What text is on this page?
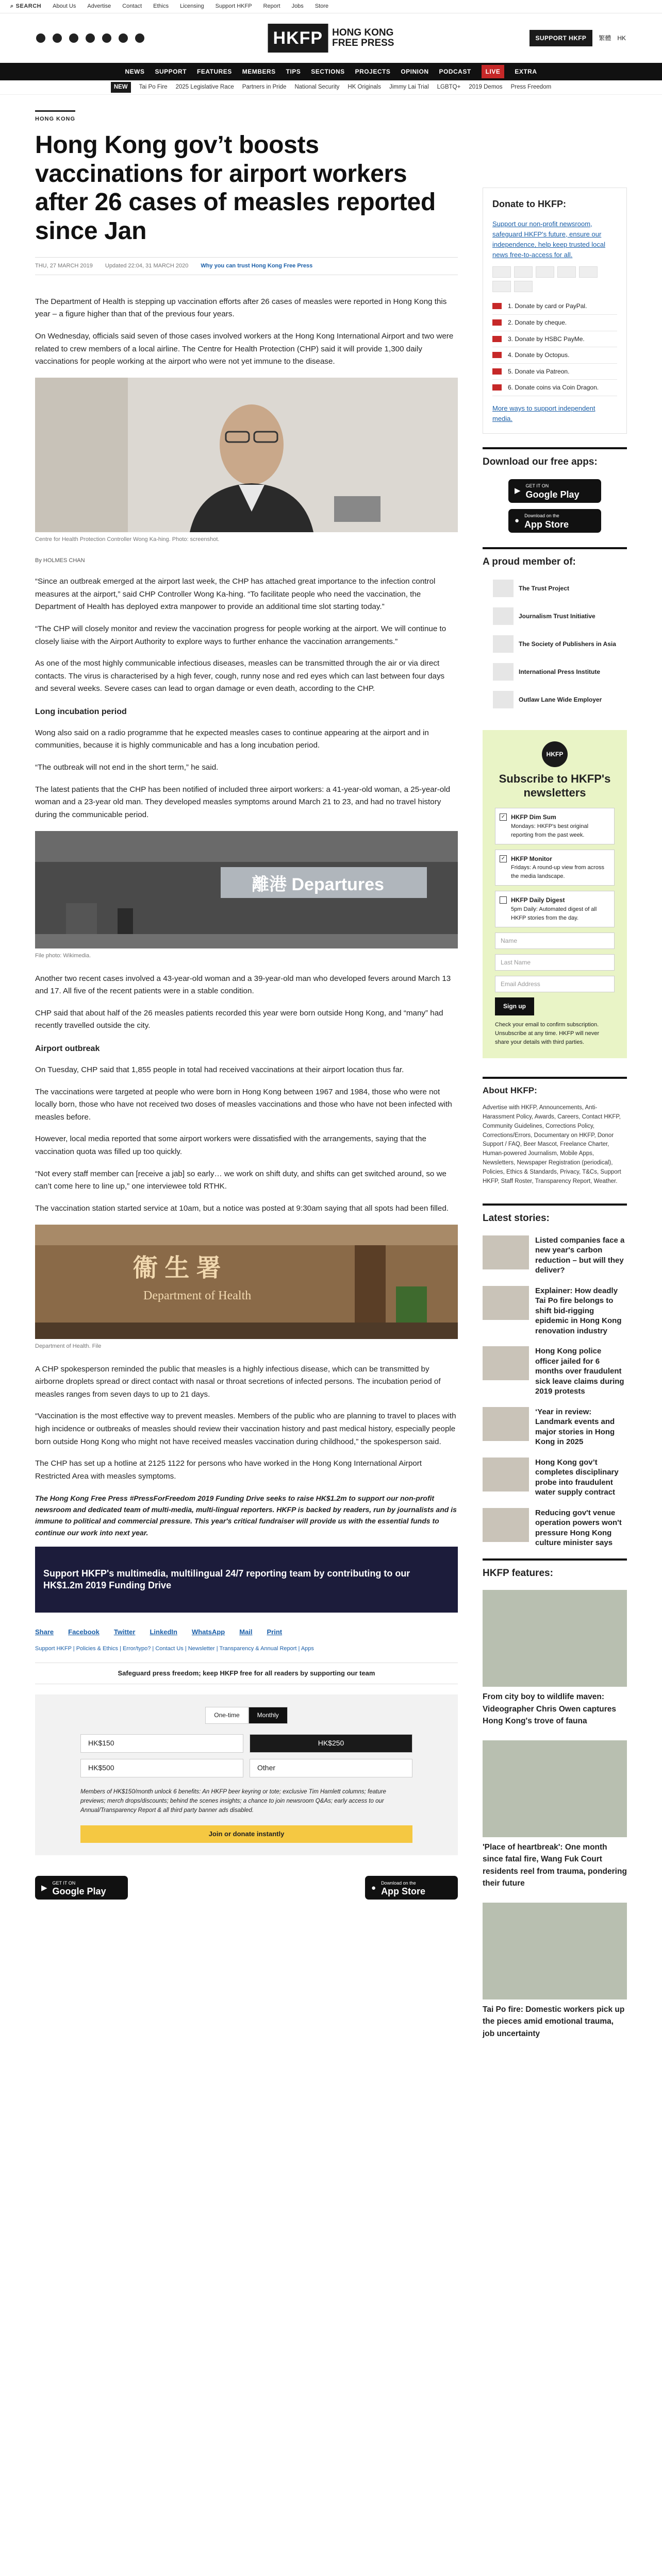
⌕ SEARCH About Us Advertise Contact Ethics Licensing Support HKFP Report Jobs Store
HKFP HONG KONG
FREE PRESS	SUPPORT HKFP	繁體 HK
NEWS SUPPORT FEATURES MEMBERS TIPS SECTIONS PROJECTS OPINION PODCAST	LIVE	EXTRA
NEW	Tai Po Fire 2025 Legislative Race Partners in Pride National Security HK Originals Jimmy Lai Trial LGBTQ+ 2019 Demos Press Freedom
HONG KONG
Hong Kong gov’t boosts vaccinations for airport workers after 26 cases of measles reported since Jan
THU, 27 MARCH 2019 Updated 22:04, 31 MARCH 2020 Why you can trust Hong Kong Free Press

The Department of Health is stepping up vaccination efforts after 26 cases of measles were reported in Hong Kong this year – a figure higher than that of the previous four years.

On Wednesday, officials said seven of those cases involved workers at the Hong Kong International Airport and two were related to crew members of a local airline. The Centre for Health Protection (CHP) said it will provide 1,300 daily vaccinations for people working at the airport who were not yet immune to the disease.

Centre for Health Protection Controller Wong Ka-hing. Photo: screenshot.
By HOLMES CHAN

“Since an outbreak emerged at the airport last week, the CHP has attached great importance to the infection control measures at the airport,” said CHP Controller Wong Ka-hing. “To facilitate people who need the vaccination, the Department of Health has deployed extra manpower to provide an additional time slot starting today.”

“The CHP will closely monitor and review the vaccination progress for people working at the airport. We will continue to closely liaise with the Airport Authority to explore ways to further enhance the vaccination arrangements.”

As one of the most highly communicable infectious diseases, measles can be transmitted through the air or via direct contacts. The virus is characterised by a high fever, cough, runny nose and red eyes which can last between four days and several weeks. Severe cases can lead to organ damage or even death, according to the CHP.

Long incubation period

Wong also said on a radio programme that he expected measles cases to continue appearing at the airport and in communities, because it is highly communicable and has a long incubation period.

“The outbreak will not end in the short term,” he said.

The latest patients that the CHP has been notified of included three airport workers: a 41-year-old woman, a 25-year-old woman and a 23-year old man. They developed measles symptoms around March 21 to 23, and had no travel history during the communicable period.

離港 Departures
File photo: Wikimedia.

Another two recent cases involved a 43-year-old woman and a 39-year-old man who developed fevers around March 13 and 17. All five of the recent patients were in a stable condition.

CHP said that about half of the 26 measles patients recorded this year were born outside Hong Kong, and “many” had recently travelled outside the city.

Airport outbreak

On Tuesday, CHP said that 1,855 people in total had received vaccinations at their airport location thus far.

The vaccinations were targeted at people who were born in Hong Kong between 1967 and 1984, those who were not locally born, those who have not received two doses of measles vaccinations and those who have not been infected with measles before.

However, local media reported that some airport workers were dissatisfied with the arrangements, saying that the vaccination quota was filled up too quickly.

“Not every staff member can [receive a jab] so early… we work on shift duty, and shifts can get switched around, so we can’t come here to line up,” one interviewee told RTHK.

The vaccination station started service at 10am, but a notice was posted at 9:30am saying that all spots had been filled.

衞 生 署
Department of Health
Department of Health. File

A CHP spokesperson reminded the public that measles is a highly infectious disease, which can be transmitted by airborne droplets spread or direct contact with nasal or throat secretions of infected persons. The incubation period of measles ranges from seven days to up to 21 days.

“Vaccination is the most effective way to prevent measles. Members of the public who are planning to travel to places with high incidence or outbreaks of measles should review their vaccination history and past medical history, especially people born outside Hong Kong who might not have received measles vaccination during childhood,” the spokesperson said.

The CHP has set up a hotline at 2125 1122 for persons who have worked in the Hong Kong International Airport Restricted Area with measles symptoms.

The Hong Kong Free Press #PressForFreedom 2019 Funding Drive seeks to raise HK$1.2m to support our non-profit newsroom and dedicated team of multi-media, multi-lingual reporters. HKFP is backed by readers, run by journalists and is immune to political and commercial pressure. This year's critical fundraiser will provide us with the essential funds to continue our work into next year.
Support HKFP's multimedia, multilingual 24/7 reporting team by contributing to our HK$1.2m 2019 Funding Drive
Share Facebook Twitter LinkedIn WhatsApp Mail Print
Support HKFP | Policies & Ethics | Error/typo? | Contact Us | Newsletter | Transparency & Annual Report | Apps
Safeguard press freedom; keep HKFP free for all readers by supporting our team
One-time	Monthly
HK$150	HK$250
HK$500	Other
Members of HK$150/month unlock 6 benefits: An HKFP beer keyring or tote; exclusive Tim Hamlett columns; feature previews; merch drops/discounts; behind the scenes insights; a chance to join newsroom Q&As; early access to our Annual/Transparency Report & all third party banner ads disabled.
Join or donate instantly
▶
GET IT ON
Google Play	●
Download on the
App Store
Donate to HKFP:
Support our non-profit newsroom, safeguard HKFP's future, ensure our independence, help keep trusted local news free-to-access for all.
1. Donate by card or PayPal.
2. Donate by cheque.
3. Donate by HSBC PayMe.
4. Donate by Octopus.
5. Donate via Patreon.
6. Donate coins via Coin Dragon.
More ways to support independent media.
Download our free apps:
▶
GET IT ON
Google Play
●
Download on the
App Store
A proud member of:
The Trust Project
Journalism Trust Initiative
The Society of Publishers in Asia
International Press Institute
Outlaw Lane Wide Employer
HKFP
Subscribe to HKFP's newsletters
✓ HKFP Dim Sum
Mondays: HKFP's best original reporting from the past week.
✓ HKFP Monitor
Fridays: A round-up view from across the media landscape.
HKFP Daily Digest
5pm Daily: Automated digest of all HKFP stories from the day.
Name
Last Name
Email Address
Sign up
Check your email to confirm subscription. Unsubscribe at any time. HKFP will never share your details with third parties.
About HKFP:
Advertise with HKFP, Announcements, Anti-Harassment Policy, Awards, Careers, Contact HKFP, Community Guidelines, Corrections Policy, Corrections/Errors, Documentary on HKFP, Donor Support / FAQ, Beer Mascot, Freelance Charter, Human-powered Journalism, Mobile Apps, Newsletters, Newspaper Registration (periodical), Policies, Ethics & Standards, Privacy, T&Cs, Support HKFP, Staff Roster, Transparency Report, Weather.
Latest stories:
Listed companies face a new year's carbon reduction – but will they deliver?
Explainer: How deadly Tai Po fire belongs to shift bid-rigging epidemic in Hong Kong renovation industry
Hong Kong police officer jailed for 6 months over fraudulent sick leave claims during 2019 protests
‘Year in review: Landmark events and major stories in Hong Kong in 2025
Hong Kong gov’t completes disciplinary probe into fraudulent water supply contract
Reducing gov't venue operation powers won't pressure Hong Kong culture minister says
HKFP features:
From city boy to wildlife maven: Videographer Chris Owen captures Hong Kong's trove of fauna
'Place of heartbreak': One month since fatal fire, Wang Fuk Court residents reel from trauma, pondering their future
Tai Po fire: Domestic workers pick up the pieces amid emotional trauma, job uncertainty
